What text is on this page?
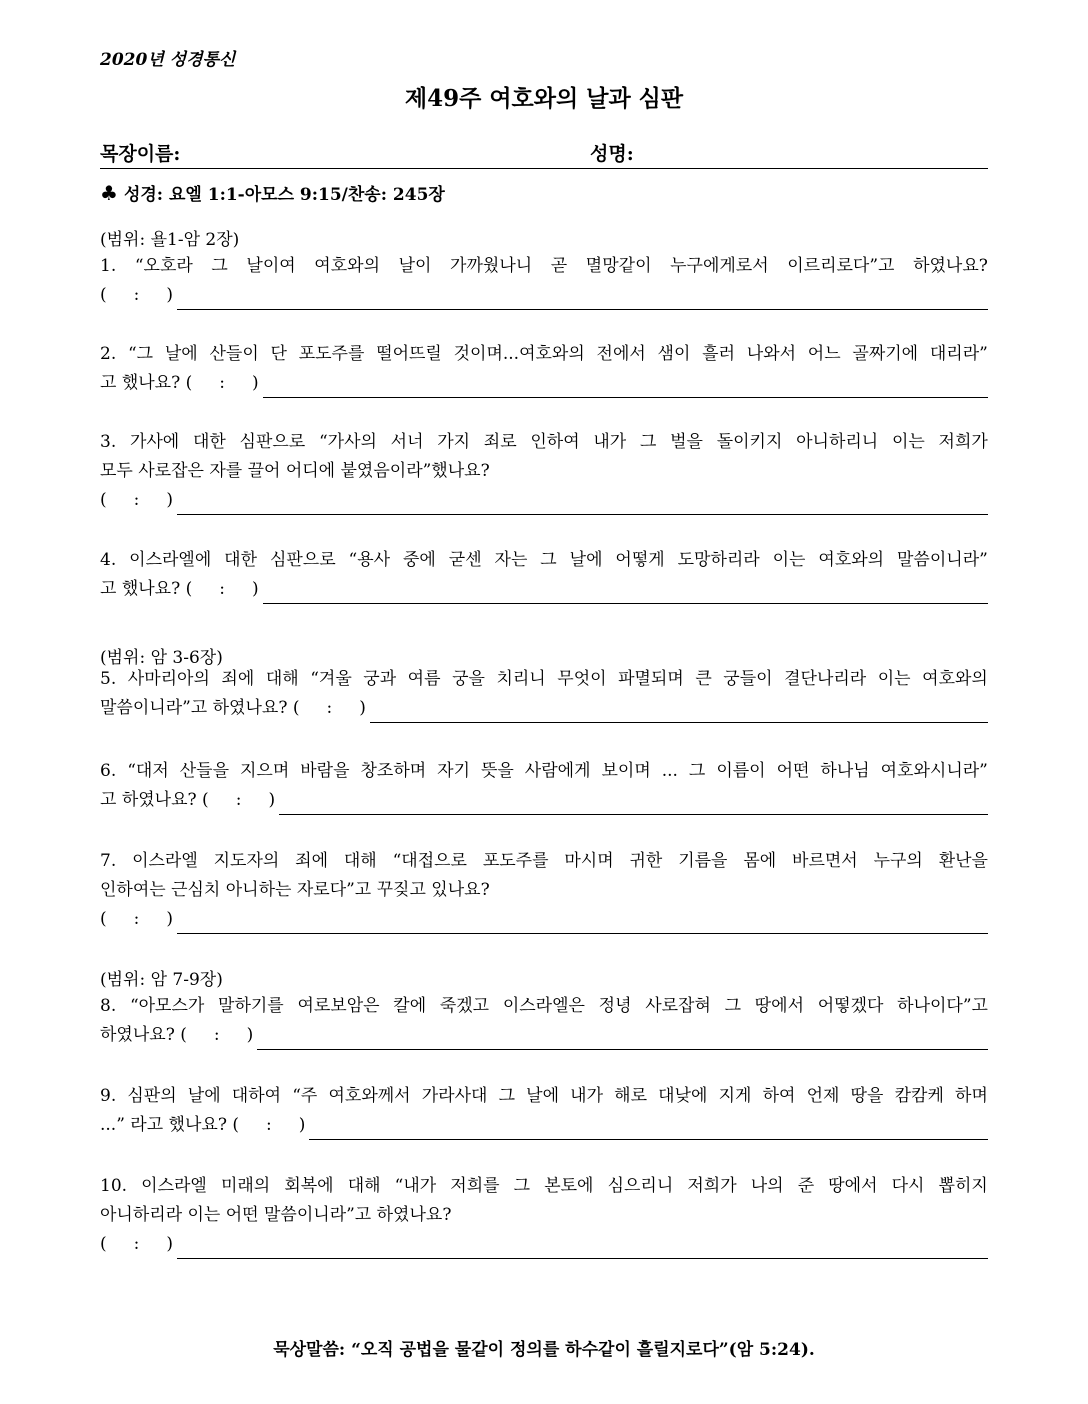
2020년 성경통신
제49주 여호와의 날과 심판
목장이름:	성명:
♣ 성경: 요엘 1:1-아모스 9:15/찬송: 245장
(범위: 욜1-암 2장)
(범위: 암 3-6장)
(범위: 암 7-9장)
1. “오호라 그 날이여 여호와의 날이 가까웠나니 곧 멸망같이 누구에게로서 이르리로다”고 하였나요?
(     :     )
2. “그 날에 산들이 단 포도주를 떨어뜨릴 것이며...여호와의 전에서 샘이 흘러 나와서 어느 골짜기에 대리라”
고 했나요? (     :     )
3. 가사에 대한 심판으로 “가사의 서너 가지 죄로 인하여 내가 그 벌을 돌이키지 아니하리니 이는 저희가
모두 사로잡은 자를 끌어 어디에 붙였음이라”했나요?
(     :     )
4. 이스라엘에 대한 심판으로 “용사 중에 굳센 자는 그 날에 어떻게 도망하리라 이는 여호와의 말씀이니라”
고 했나요? (     :     )
5. 사마리아의 죄에 대해 “겨울 궁과 여름 궁을 치리니 무엇이 파멸되며 큰 궁들이 결단나리라 이는 여호와의
말씀이니라”고 하였나요? (     :     )
6. “대저 산들을 지으며 바람을 창조하며 자기 뜻을 사람에게 보이며 ... 그 이름이 어떤 하나님 여호와시니라”
고 하였나요? (     :     )
7. 이스라엘 지도자의 죄에 대해 “대접으로 포도주를 마시며 귀한 기름을 몸에 바르면서 누구의 환난을
인하여는 근심치 아니하는 자로다”고 꾸짖고 있나요?
(     :     )
8. “아모스가 말하기를 여로보암은 칼에 죽겠고 이스라엘은 정녕 사로잡혀 그 땅에서 어떻겠다 하나이다”고
하였나요? (     :     )
9. 심판의 날에 대하여 “주 여호와께서 가라사대 그 날에 내가 해로 대낮에 지게 하여 언제 땅을 캄캄케 하며
...” 라고 했나요? (     :     )
10. 이스라엘 미래의 회복에 대해 “내가 저희를 그 본토에 심으리니 저희가 나의 준 땅에서 다시 뽑히지
아니하리라 이는 어떤 말씀이니라”고 하였나요?
(     :     )
묵상말씀: “오직 공법을 물같이 정의를 하수같이 흘릴지로다”(암 5:24).
